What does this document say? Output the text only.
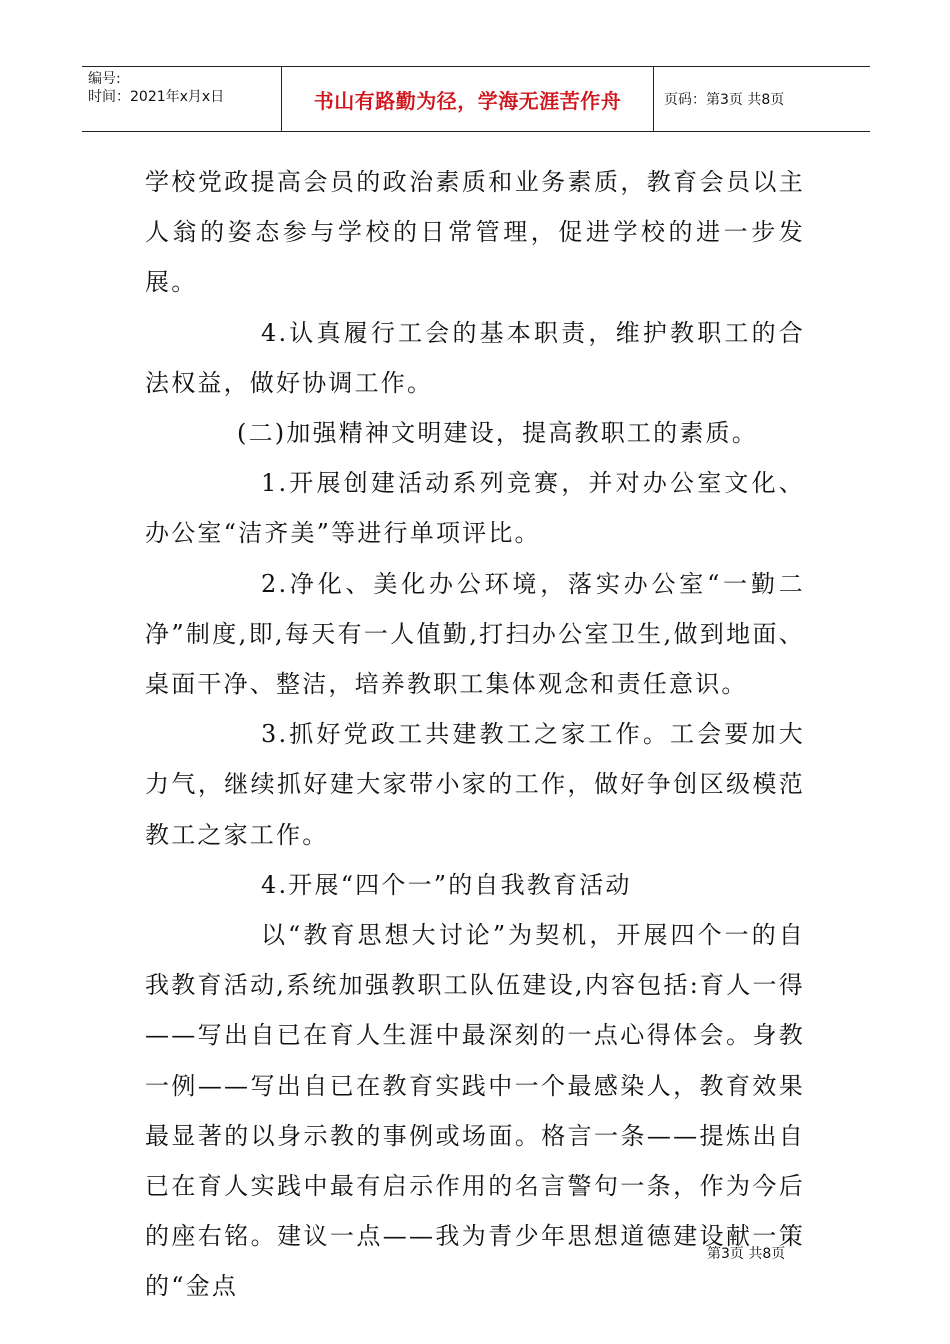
编号:
时间：2021年x月x日	书山有路勤为径，学海无涯苦作舟	页码：第3页 共8页

学校党政提高会员的政治素质和业务素质，教育会员以主人翁的姿态参与学校的日常管理，促进学校的进一步发展。

4.认真履行工会的基本职责，维护教职工的合法权益，做好协调工作。

(二)加强精神文明建设，提高教职工的素质。

1.开展创建活动系列竞赛，并对办公室文化、办公室“洁齐美”等进行单项评比。

2.净化、美化办公环境，落实办公室“一勤二净”制度,即,每天有一人值勤,打扫办公室卫生,做到地面、桌面干净、整洁，培养教职工集体观念和责任意识。

3.抓好党政工共建教工之家工作。工会要加大力气，继续抓好建大家带小家的工作，做好争创区级模范教工之家工作。

4.开展“四个一”的自我教育活动

以“教育思想大讨论”为契机，开展四个一的自我教育活动,系统加强教职工队伍建设,内容包括:育人一得——写出自已在育人生涯中最深刻的一点心得体会。身教一例——写出自已在教育实践中一个最感染人，教育效果最显著的以身示教的事例或场面。格言一条——提炼出自已在育人实践中最有启示作用的名言警句一条，作为今后的座右铭。建议一点——我为青少年思想道德建设献一策的“金点

第3页 共8页
